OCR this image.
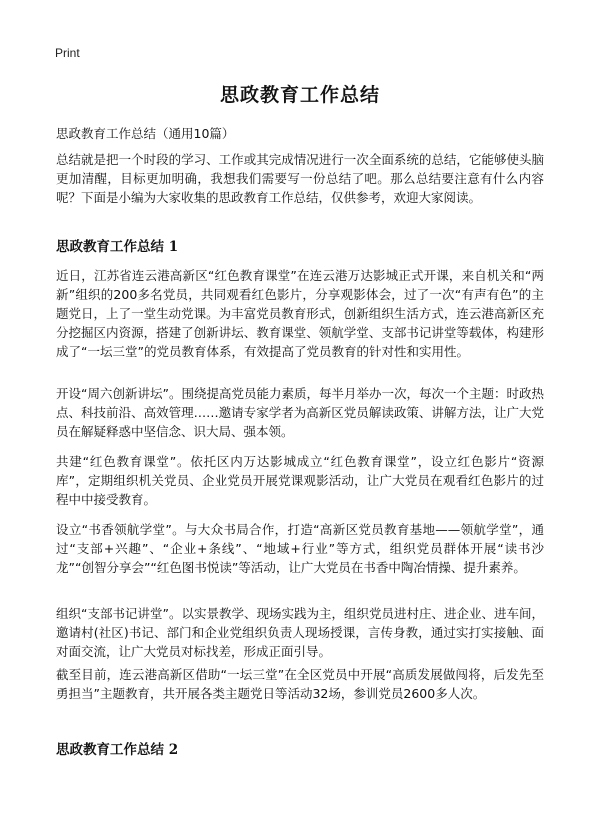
Print
思政教育工作总结

思政教育工作总结（通用10篇）

总结就是把一个时段的学习、工作或其完成情况进行一次全面系统的总结，它能够使头脑更加清醒，目标更加明确，我想我们需要写一份总结了吧。那么总结要注意有什么内容呢？下面是小编为大家收集的思政教育工作总结，仅供参考，欢迎大家阅读。

思政教育工作总结 1

近日，江苏省连云港高新区“红色教育课堂”在连云港万达影城正式开课，来自机关和“两新”组织的200多名党员，共同观看红色影片，分享观影体会，过了一次“有声有色”的主题党日，上了一堂生动党课。为丰富党员教育形式，创新组织生活方式，连云港高新区充分挖掘区内资源，搭建了创新讲坛、教育课堂、领航学堂、支部书记讲堂等载体，构建形成了“一坛三堂”的党员教育体系，有效提高了党员教育的针对性和实用性。

开设“周六创新讲坛”。围绕提高党员能力素质，每半月举办一次，每次一个主题：时政热点、科技前沿、高效管理……邀请专家学者为高新区党员解读政策、讲解方法，让广大党员在解疑释惑中坚信念、识大局、强本领。

共建“红色教育课堂”。依托区内万达影城成立“红色教育课堂”，设立红色影片“资源库”，定期组织机关党员、企业党员开展党课观影活动，让广大党员在观看红色影片的过程中中接受教育。

设立“书香领航学堂”。与大众书局合作，打造“高新区党员教育基地——领航学堂”，通过“支部+兴趣”、“企业+条线”、“地域+行业”等方式，组织党员群体开展“读书沙龙”“创智分享会”“红色图书悦读”等活动，让广大党员在书香中陶冶情操、提升素养。

组织“支部书记讲堂”。以实景教学、现场实践为主，组织党员进村庄、进企业、进车间，邀请村(社区)书记、部门和企业党组织负责人现场授课，言传身教，通过实打实接触、面对面交流，让广大党员对标找差，形成正面引导。

截至目前，连云港高新区借助“一坛三堂”在全区党员中开展“高质发展做闯将，后发先至勇担当”主题教育，共开展各类主题党日等活动32场，参训党员2600多人次。

思政教育工作总结 2
